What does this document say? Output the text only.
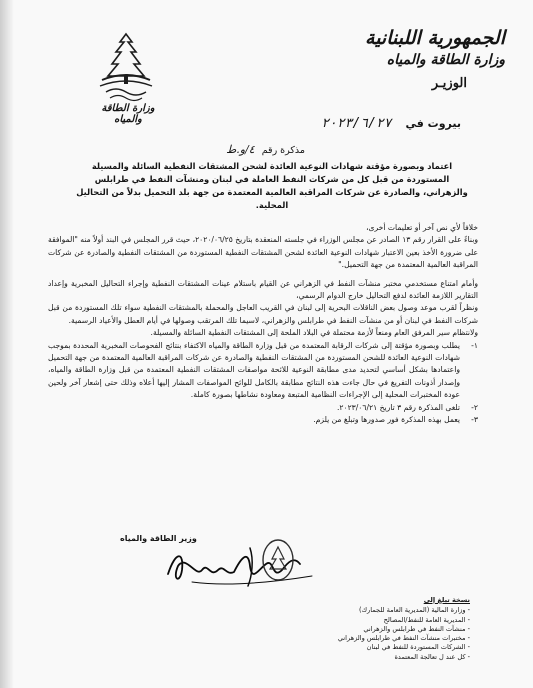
وزارة الطاقة والمياه
الجمهورية اللبنانية
وزارة الطاقة والمياه
الوزيـر
بيروت في ٢٠٢٣/٦/٢٧
مذكرة رقم ٤/و.ط
اعتماد وبصورة مؤقتة شهادات النوعية العائدة لشحن المشتقات النفطية السائلة والمسيلة المستوردة من قبل كل من شركات النفط العاملة في لبنان ومنشآت النفط في طرابلس والزهراني، والصادرة عن شركات المراقبة العالمية المعتمدة من جهة بلد التحميل بدلاً من التحاليل المحلية.

خلافاً لأي نص آخر أو تعليمات أخرى،

وبناءً على القرار رقم ١٣ الصادر عن مجلس الوزراء في جلسته المنعقدة بتاريخ ٢٠٢٠/٠٦/٢٥، حيث قرر المجلس في البند أولاً منه "الموافقة على ضرورة الأخذ بعين الاعتبار شهادات النوعية العائدة لشحن المشتقات النفطية المستوردة من المشتقات النفطية والصادرة عن شركات المراقبة العالمية المعتمدة من جهة التحميل."

وأمام امتناع مستخدمي مختبر منشآت النفط في الزهراني عن القيام باستلام عينات المشتقات النفطية وإجراء التحاليل المخبرية وإعداد التقارير اللازمة العائدة لدفع التحاليل خارج الدوام الرسمي،

ونظراً لقرب موعد وصول بعض الناقلات البحرية إلى لبنان في القريب العاجل والمحملة بالمشتقات النفطية سواء تلك المستوردة من قبل شركات النفط في لبنان أو من منشآت النفط في طرابلس والزهراني، لاسيما تلك المرتقب وصولها في أيام العطل والأعياد الرسمية.

ولانتظام سير المرفق العام ومنعاً لأزمة محتملة في البلاد الملحة إلى المشتقات النفطية السائلة والمسيلة.

١-
يطلب وبصورة مؤقتة إلى شركات الرقابة المعتمدة من قبل وزارة الطاقة والمياه الاكتفاء بنتائج الفحوصات المخبرية المحددة بموجب شهادات النوعية العائدة للشحن المستوردة من المشتقات النفطية والصادرة عن شركات المراقبة العالمية المعتمدة من جهة التحميل واعتمادها بشكل أساسي لتحديد مدى مطابقة النوعية للائحة مواصفات المشتقات النفطية المعتمدة من قبل وزارة الطاقة والمياه، وإصدار أذونات التفريغ في حال جاءت هذه النتائج مطابقة بالكامل للوائح المواصفات المشار إليها أعلاه وذلك حتى إشعار آخر ولحين عودة المختبرات المحلية إلى الإجراءات النظامية المتبعة ومعاودة نشاطها بصورة كاملة.
٢-
تلغى المذكرة رقم ٣ تاريخ ٢٠٢٣/٠٦/٢١.
٣-
يعمل بهذه المذكرة فور صدورها وتبلغ من يلزم.
وزير الطاقة والمياه
نسخة تبلغ إلى
- وزارة المالية (المديرية العامة للجمارك)
- المديرية العامة للنفط/المصالح
- منشآت النفط في طرابلس والزهراني
- مختبرات منشآت النفط في طرابلس والزهراني
- الشركات المستوردة للنفط في لبنان
- كل عند ل تعالجة المعتمدة
